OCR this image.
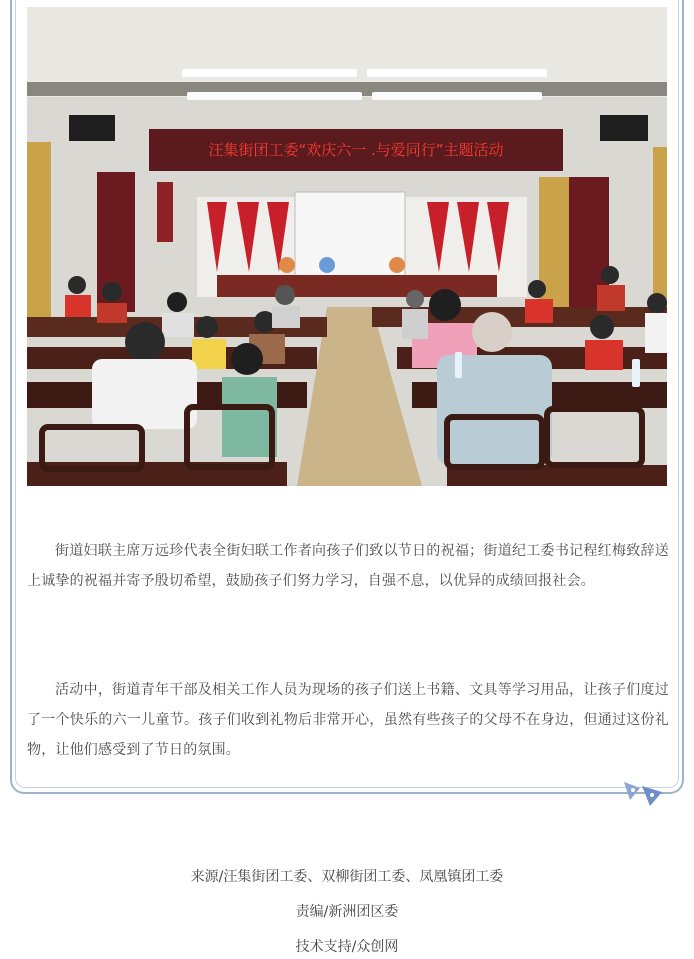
汪集街团工委“欢庆六一 .与爱同行”主题活动

街道妇联主席万远珍代表全街妇联工作者向孩子们致以节日的祝福；街道纪工委书记程红梅致辞送上诚挚的祝福并寄予殷切希望，鼓励孩子们努力学习，自强不息，以优异的成绩回报社会。

活动中，街道青年干部及相关工作人员为现场的孩子们送上书籍、文具等学习用品，让孩子们度过了一个快乐的六一儿童节。孩子们收到礼物后非常开心，虽然有些孩子的父母不在身边，但通过这份礼物，让他们感受到了节日的氛围。

来源/汪集街团工委、双柳街团工委、凤凰镇团工委
责编/新洲团区委
技术支持/众创网
